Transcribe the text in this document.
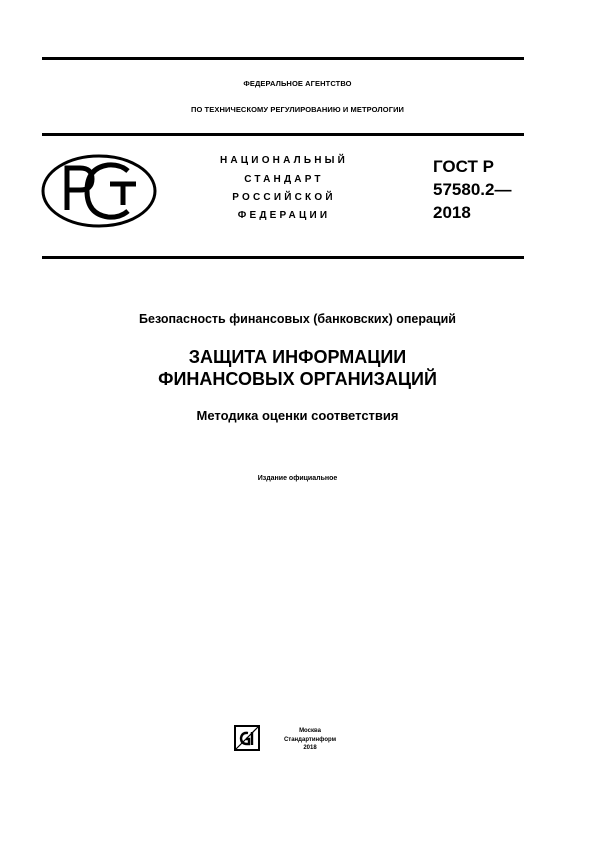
ФЕДЕРАЛЬНОЕ АГЕНТСТВО
ПО ТЕХНИЧЕСКОМУ РЕГУЛИРОВАНИЮ И МЕТРОЛОГИИ
НАЦИОНАЛЬНЫЙ
СТАНДАРТ
РОССИЙСКОЙ
ФЕДЕРАЦИИ
ГОСТ Р
57580.2—
2018
Безопасность финансовых (банковских) операций
ЗАЩИТА ИНФОРМАЦИИ
ФИНАНСОВЫХ ОРГАНИЗАЦИЙ
Методика оценки соответствия
Издание официальное
Москва
Стандартинформ
2018
